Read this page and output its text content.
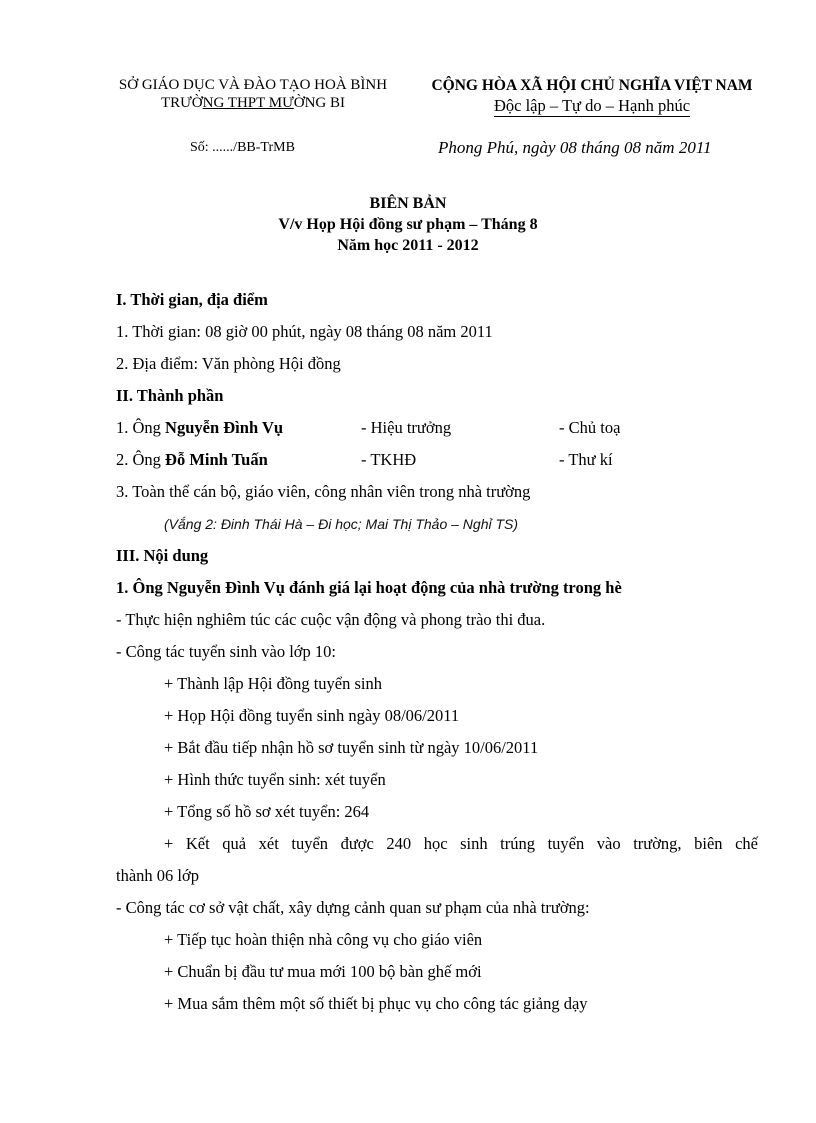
SỞ GIÁO DỤC VÀ ĐÀO TẠO HOÀ BÌNH
TRƯỜNG THPT MƯỜNG BI
CỘNG HÒA XÃ HỘI CHỦ NGHĨA VIỆT NAM
Độc lập – Tự do – Hạnh phúc
Số: ....../BB-TrMB	Phong Phú, ngày 08 tháng 08 năm 2011
BIÊN BẢN
V/v Họp Hội đồng sư phạm – Tháng 8
Năm học 2011 - 2012
I. Thời gian, địa điểm
1. Thời gian: 08 giờ 00 phút, ngày 08 tháng 08 năm 2011
2. Địa điểm: Văn phòng Hội đồng
II. Thành phần
1. Ông Nguyễn Đình Vụ	- Hiệu trưởng	- Chủ toạ
2. Ông Đỗ Minh Tuấn	- TKHĐ	- Thư kí
3. Toàn thể cán bộ, giáo viên, công nhân viên trong nhà trường
(Vắng 2: Đinh Thái Hà – Đi học; Mai Thị Thảo – Nghỉ TS)
III. Nội dung
1. Ông Nguyễn Đình Vụ đánh giá lại hoạt động của nhà trường trong hè
- Thực hiện nghiêm túc các cuộc vận động và phong trào thi đua.
- Công tác tuyển sinh vào lớp 10:
+ Thành lập Hội đồng tuyển sinh
+ Họp Hội đồng tuyển sinh ngày 08/06/2011
+ Bắt đầu tiếp nhận hồ sơ tuyển sinh từ ngày 10/06/2011
+ Hình thức tuyển sinh: xét tuyển
+ Tổng số hồ sơ xét tuyển: 264
+ Kết quả xét tuyển được 240 học sinh trúng tuyển vào trường, biên chế
thành 06 lớp
- Công tác cơ sở vật chất, xây dựng cảnh quan sư phạm của nhà trường:
+ Tiếp tục hoàn thiện nhà công vụ cho giáo viên
+ Chuẩn bị đầu tư mua mới 100 bộ bàn ghế mới
+ Mua sắm thêm một số thiết bị phục vụ cho công tác giảng dạy
